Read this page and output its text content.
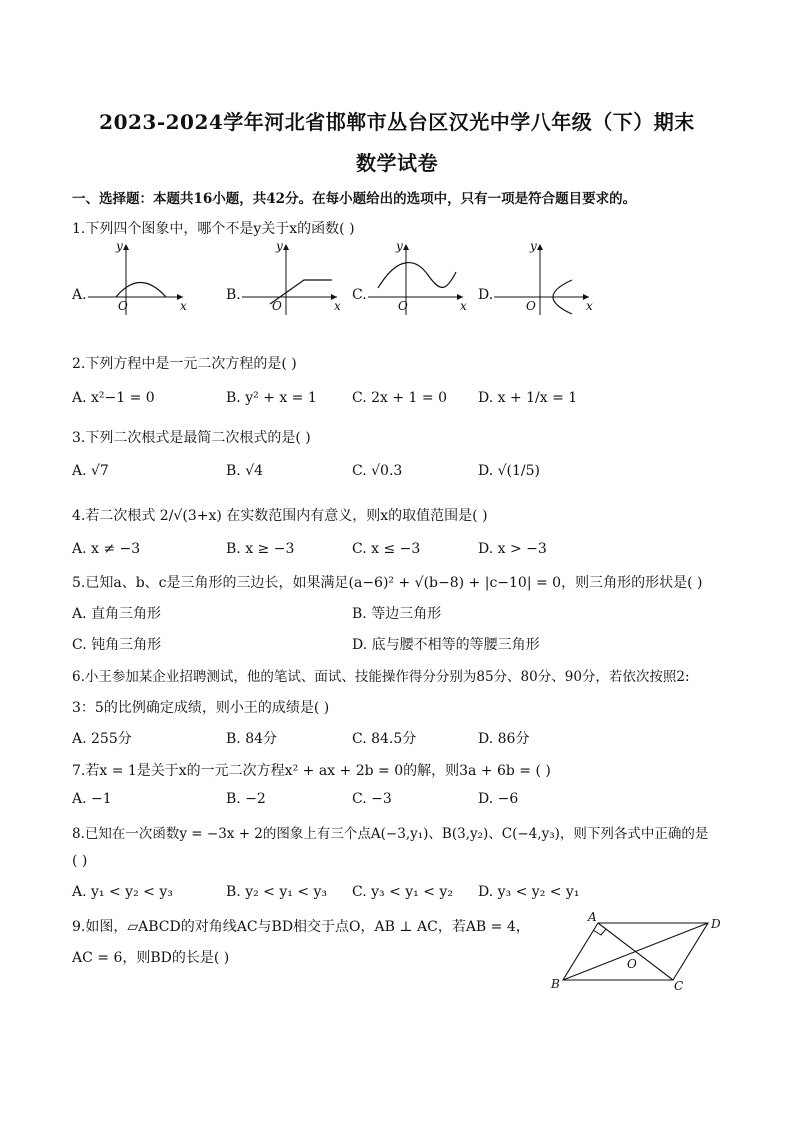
2023-2024学年河北省邯郸市丛台区汉光中学八年级（下）期末
数学试卷
一、选择题：本题共16小题，共42分。在每小题给出的选项中，只有一项是符合题目要求的。
1.下列四个图象中，哪个不是y关于x的函数( )
A.	B.	C.	D.
O	x
y
O	x
y
O	x
y
O	x
y
2.下列方程中是一元二次方程的是( )
A. x²−1 = 0	B. y² + x = 1	C. 2x + 1 = 0 D. x + 1/x = 1
3.下列二次根式是最简二次根式的是( )
A. √7	B. √4	C. √0.3	D. √(1/5)
4.若二次根式 2/√(3+x) 在实数范围内有意义，则x的取值范围是( )
A. x ≠ −3	B. x ≥ −3	C. x ≤ −3	D. x > −3
5.已知a、b、c是三角形的三边长，如果满足(a−6)² + √(b−8) + |c−10| = 0，则三角形的形状是( )
A. 直角三角形	B. 等边三角形
C. 钝角三角形	D. 底与腰不相等的等腰三角形
6.小王参加某企业招聘测试，他的笔试、面试、技能操作得分分别为85分、80分、90分，若依次按照2:
3：5的比例确定成绩，则小王的成绩是( )
A. 255分	B. 84分	C. 84.5分	D. 86分
7.若x = 1是关于x的一元二次方程x² + ax + 2b = 0的解，则3a + 6b = ( )
A. −1	B. −2	C. −3	D. −6
8.已知在一次函数y = −3x + 2的图象上有三个点A(−3,y₁)、B(3,y₂)、C(−4,y₃)，则下列各式中正确的是
( )
A. y₁ < y₂ < y₃	B. y₂ < y₁ < y₃ C. y₃ < y₁ < y₂ D. y₃ < y₂ < y₁
9.如图，▱ABCD的对角线AC与BD相交于点O，AB ⊥ AC，若AB = 4，
AC = 6，则BD的长是( )
A	D
B	C
O
